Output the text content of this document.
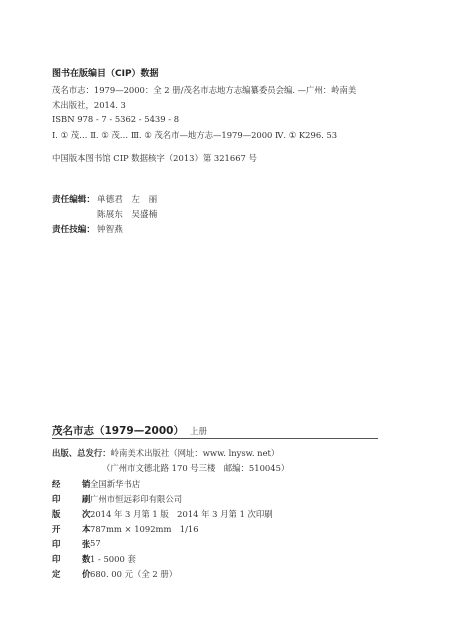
图书在版编目（CIP）数据
茂名市志：1979—2000：全 2 册/茂名市志地方志编纂委员会编. —广州：岭南美
术出版社，2014. 3
ISBN 978 - 7 - 5362 - 5439 - 8
Ⅰ. ① 茂… Ⅱ. ① 茂… Ⅲ. ① 茂名市—地方志—1979—2000 Ⅳ. ① K296. 53
中国版本图书馆 CIP 数据核字（2013）第 321667 号
责任编辑： 单德君　左　丽
陈展东　吴盛楠
责任技编： 钟智燕
茂名市志（1979—2000） 上册
出版、总发行：岭南美术出版社（网址：www. lnysw. net）
（广州市文德北路 170 号三楼　邮编：510045）
经	销 全国新华书店
印	刷 广州市恒远彩印有限公司
版	次 2014 年 3 月第 1 版　2014 年 3 月第 1 次印刷
开	本 787mm × 1092mm　1/16
印	张 57
印	数 1 - 5000 套
定	价 680. 00 元（全 2 册）
